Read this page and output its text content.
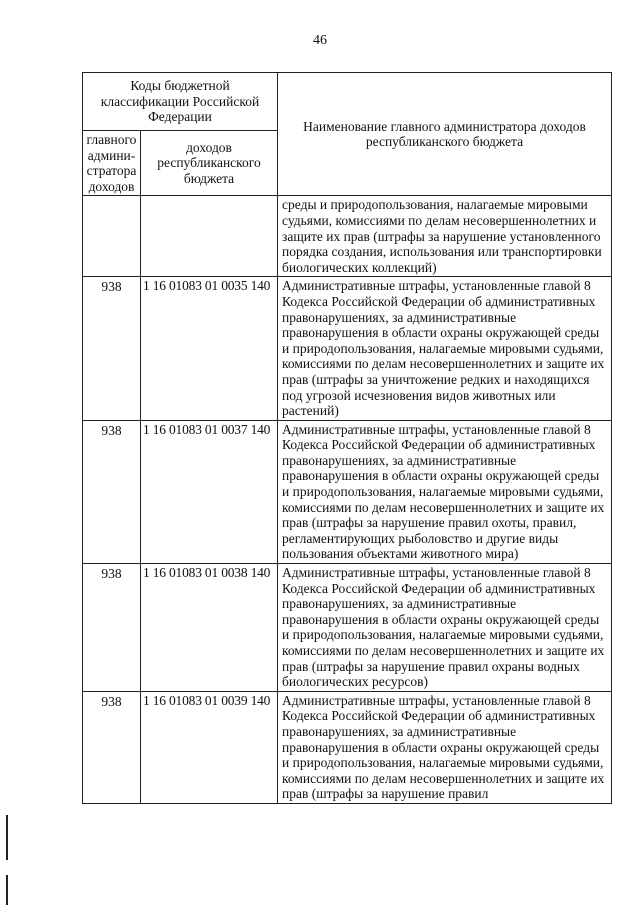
46
Коды бюджетной классификации Российской Федерации		Наименование главного администратора доходов республиканского бюджета
главного админи-стратора доходов	доходов республиканского бюджета	
		среды и природопользования, налагаемые мировыми судьями, комиссиями по делам несовершеннолетних и защите их прав (штрафы за нарушение установленного порядка создания, использования или транспортировки биологических коллекций)
938	1 16 01083 01 0035 140	Административные штрафы, установленные главой 8 Кодекса Российской Федерации об административных правонарушениях, за административные правонарушения в области охраны окружающей среды и природопользования, налагаемые мировыми судьями, комиссиями по делам несовершеннолетних и защите их прав (штрафы за уничтожение редких и находящихся под угрозой исчезновения видов животных или растений)
938	1 16 01083 01 0037 140	Административные штрафы, установленные главой 8 Кодекса Российской Федерации об административных правонарушениях, за административные правонарушения в области охраны окружающей среды и природопользования, налагаемые мировыми судьями, комиссиями по делам несовершеннолетних и защите их прав (штрафы за нарушение правил охоты, правил, регламентирующих рыболовство и другие виды пользования объектами животного мира)
938	1 16 01083 01 0038 140	Административные штрафы, установленные главой 8 Кодекса Российской Федерации об административных правонарушениях, за административные правонарушения в области охраны окружающей среды и природопользования, налагаемые мировыми судьями, комиссиями по делам несовершеннолетних и защите их прав (штрафы за нарушение правил охраны водных биологических ресурсов)
938	1 16 01083 01 0039 140	Административные штрафы, установленные главой 8 Кодекса Российской Федерации об административных правонарушениях, за административные правонарушения в области охраны окружающей среды и природопользования, налагаемые мировыми судьями, комиссиями по делам несовершеннолетних и защите их прав (штрафы за нарушение правил
